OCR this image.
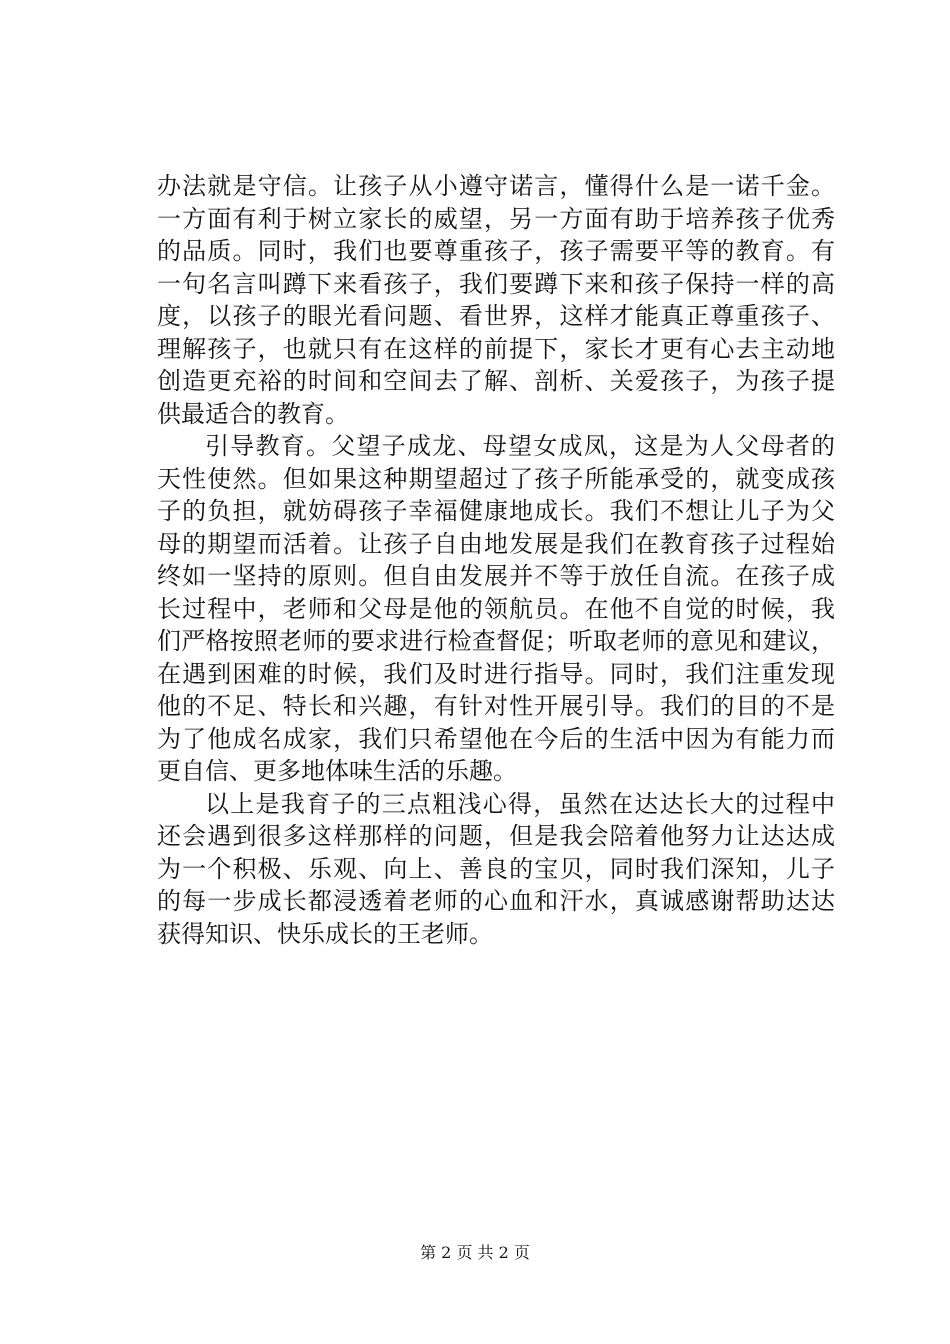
办法就是守信。让孩子从小遵守诺言，懂得什么是一诺千金。
一方面有利于树立家长的威望，另一方面有助于培养孩子优秀
的品质。同时，我们也要尊重孩子，孩子需要平等的教育。有
一句名言叫蹲下来看孩子，我们要蹲下来和孩子保持一样的高
度，以孩子的眼光看问题、看世界，这样才能真正尊重孩子、
理解孩子，也就只有在这样的前提下，家长才更有心去主动地
创造更充裕的时间和空间去了解、剖析、关爱孩子，为孩子提
供最适合的教育。
引导教育。父望子成龙、母望女成凤，这是为人父母者的
天性使然。但如果这种期望超过了孩子所能承受的，就变成孩
子的负担，就妨碍孩子幸福健康地成长。我们不想让儿子为父
母的期望而活着。让孩子自由地发展是我们在教育孩子过程始
终如一坚持的原则。但自由发展并不等于放任自流。在孩子成
长过程中，老师和父母是他的领航员。在他不自觉的时候，我
们严格按照老师的要求进行检查督促；听取老师的意见和建议，
在遇到困难的时候，我们及时进行指导。同时，我们注重发现
他的不足、特长和兴趣，有针对性开展引导。我们的目的不是
为了他成名成家，我们只希望他在今后的生活中因为有能力而
更自信、更多地体味生活的乐趣。
以上是我育子的三点粗浅心得，虽然在达达长大的过程中
还会遇到很多这样那样的问题，但是我会陪着他努力让达达成
为一个积极、乐观、向上、善良的宝贝，同时我们深知，儿子
的每一步成长都浸透着老师的心血和汗水，真诚感谢帮助达达
获得知识、快乐成长的王老师。
第 2 页 共 2 页
